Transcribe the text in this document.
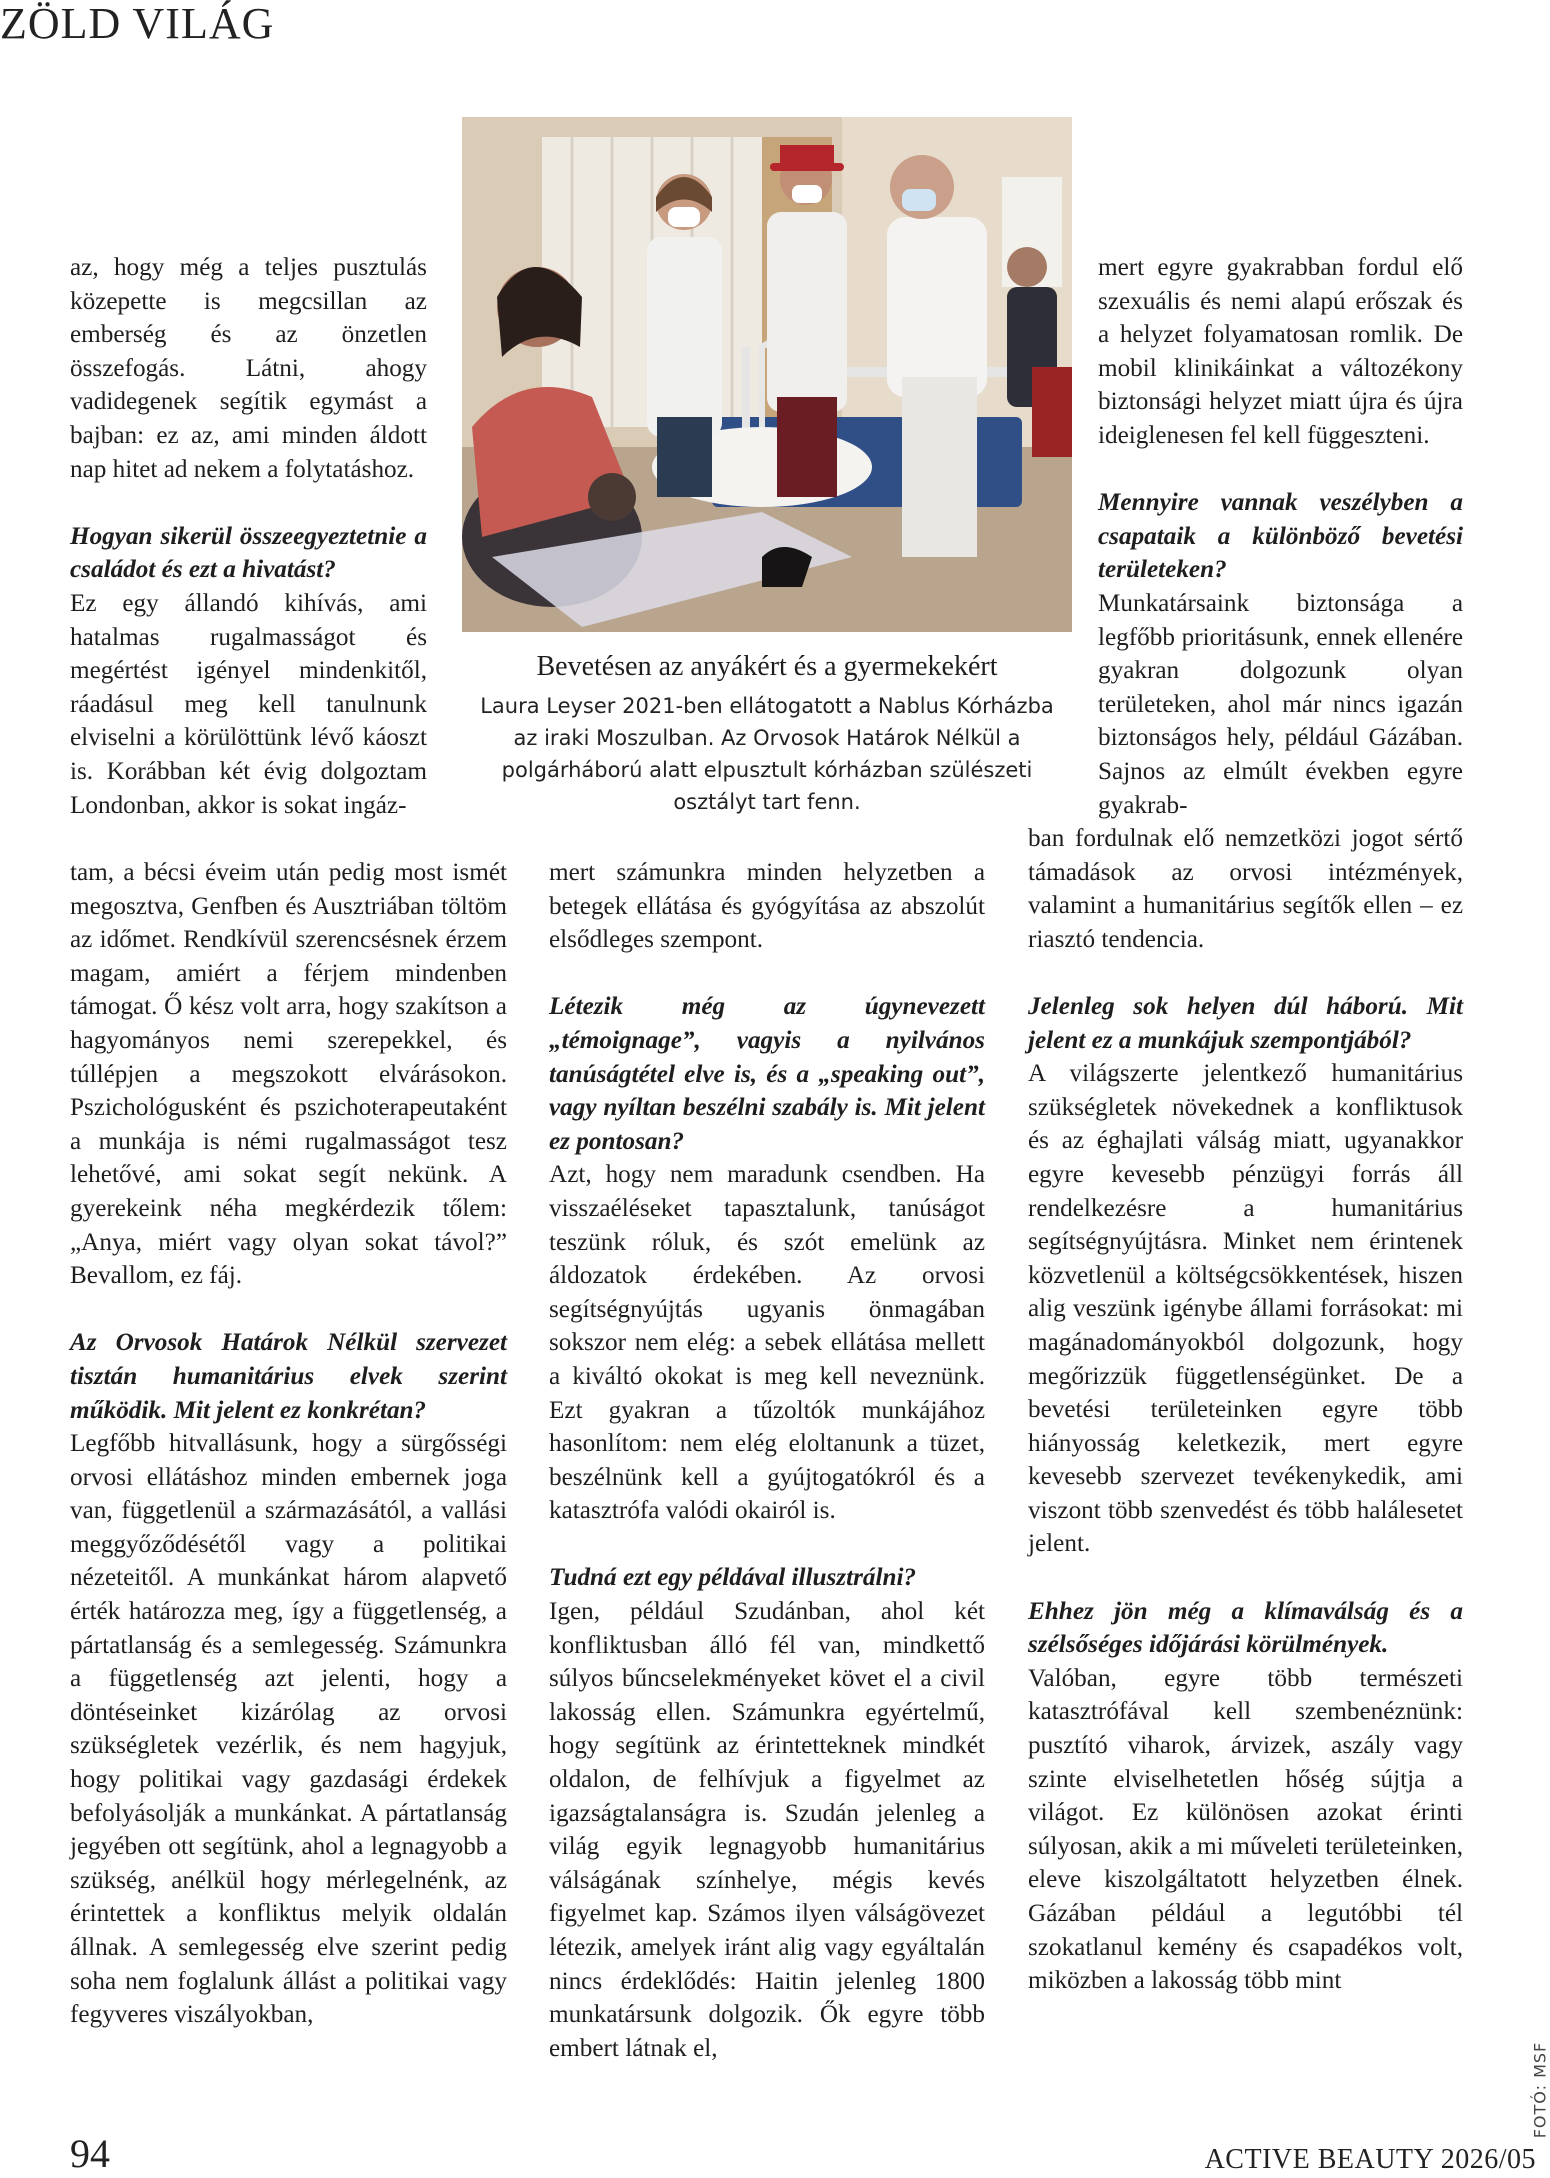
ZÖLD VILÁG

az, hogy még a teljes pusztulás közepette is megcsillan az emberség és az önzetlen összefogás. Látni, ahogy vadidegenek segítik egymást a bajban: ez az, ami minden áldott nap hitet ad nekem a folytatáshoz.

Hogyan sikerül összeegyeztetnie a családot és ezt a hivatást?

Ez egy állandó kihívás, ami hatalmas rugalmasságot és megértést igényel mindenkitől, ráadásul meg kell tanulnunk elviselni a körülöttünk lévő káoszt is. Korábban két évig dolgoztam Londonban, akkor is sokat ingáz-

tam, a bécsi éveim után pedig most ismét megosztva, Genfben és Ausztriában töltöm az időmet. Rendkívül szerencsésnek érzem magam, amiért a férjem mindenben támogat. Ő kész volt arra, hogy szakítson a hagyományos nemi szerepekkel, és túllépjen a megszokott elvárásokon. Pszichológusként és pszichoterapeutaként a munkája is némi rugalmasságot tesz lehetővé, ami sokat segít nekünk. A gyerekeink néha megkérdezik tőlem: „Anya, miért vagy olyan sokat távol?” Bevallom, ez fáj.

Az Orvosok Határok Nélkül szervezet tisztán humanitárius elvek szerint működik. Mit jelent ez konkrétan?

Legfőbb hitvallásunk, hogy a sürgősségi orvosi ellátáshoz minden embernek joga van, függetlenül a származásától, a vallási meggyőződésétől vagy a politikai nézeteitől. A munkánkat három alapvető érték határozza meg, így a függetlenség, a pártatlanság és a semlegesség. Számunkra a függetlenség azt jelenti, hogy a döntéseinket kizárólag az orvosi szükségletek vezérlik, és nem hagyjuk, hogy politikai vagy gazdasági érdekek befolyásolják a munkánkat. A pártatlanság jegyében ott segítünk, ahol a legnagyobb a szükség, anélkül hogy mérlegelnénk, az érintettek a konfliktus melyik oldalán állnak. A semlegesség elve szerint pedig soha nem foglalunk állást a politikai vagy fegyveres viszályokban,

Bevetésen az anyákért és a gyermekekért
Laura Leyser 2021-ben ellátogatott a Nablus Kórházba az iraki Moszulban. Az Orvosok Határok Nélkül a polgárháború alatt elpusztult kórházban szülészeti osztályt tart fenn.

mert számunkra minden helyzetben a betegek ellátása és gyógyítása az abszolút elsődleges szempont.

Létezik még az úgynevezett „témoignage”, vagyis a nyilvános tanúságtétel elve is, és a „speaking out”, vagy nyíltan beszélni szabály is. Mit jelent ez pontosan?

Azt, hogy nem maradunk csendben. Ha visszaéléseket tapasztalunk, tanúságot teszünk róluk, és szót emelünk az áldozatok érdekében. Az orvosi segítségnyújtás ugyanis önmagában sokszor nem elég: a sebek ellátása mellett a kiváltó okokat is meg kell neveznünk. Ezt gyakran a tűzoltók munkájához hasonlítom: nem elég eloltanunk a tüzet, beszélnünk kell a gyújtogatókról és a katasztrófa valódi okairól is.

Tudná ezt egy példával illusztrálni?

Igen, például Szudánban, ahol két konfliktusban álló fél van, mindkettő súlyos bűncselekményeket követ el a civil lakosság ellen. Számunkra egyértelmű, hogy segítünk az érintetteknek mindkét oldalon, de felhívjuk a figyelmet az igazságtalanságra is. Szudán jelenleg a világ egyik legnagyobb humanitárius válságának színhelye, mégis kevés figyelmet kap. Számos ilyen válságövezet létezik, amelyek iránt alig vagy egyáltalán nincs érdeklődés: Haitin jelenleg 1800 munkatársunk dolgozik. Ők egyre több embert látnak el,

mert egyre gyakrabban fordul elő szexuális és nemi alapú erőszak és a helyzet folyamatosan romlik. De mobil klinikáinkat a változékony biztonsági helyzet miatt újra és újra ideiglenesen fel kell függeszteni.

Mennyire vannak veszélyben a csapataik a különböző bevetési területeken?

Munkatársaink biztonsága a legfőbb prioritásunk, ennek ellenére gyakran dolgozunk olyan területeken, ahol már nincs igazán biztonságos hely, például Gázában. Sajnos az elmúlt években egyre gyakrab-

ban fordulnak elő nemzetközi jogot sértő támadások az orvosi intézmények, valamint a humanitárius segítők ellen – ez riasztó tendencia.

Jelenleg sok helyen dúl háború. Mit jelent ez a munkájuk szempontjából?

A világszerte jelentkező humanitárius szükségletek növekednek a konfliktusok és az éghajlati válság miatt, ugyanakkor egyre kevesebb pénzügyi forrás áll rendelkezésre a humanitárius segítségnyújtásra. Minket nem érintenek közvetlenül a költségcsökkentések, hiszen alig veszünk igénybe állami forrásokat: mi magánadományokból dolgozunk, hogy megőrizzük függetlenségünket. De a bevetési területeinken egyre több hiányosság keletkezik, mert egyre kevesebb szervezet tevékenykedik, ami viszont több szenvedést és több halálesetet jelent.

Ehhez jön még a klímaválság és a szélsőséges időjárási körülmények.

Valóban, egyre több természeti katasztrófával kell szembenéznünk: pusztító viharok, árvizek, aszály vagy szinte elviselhetetlen hőség sújtja a világot. Ez különösen azokat érinti súlyosan, akik a mi műveleti területeinken, eleve kiszolgáltatott helyzetben élnek. Gázában például a legutóbbi tél szokatlanul kemény és csapadékos volt, miközben a lakosság több mint

FOTÓ: MSF
94	ACTIVE BEAUTY 2026/05
